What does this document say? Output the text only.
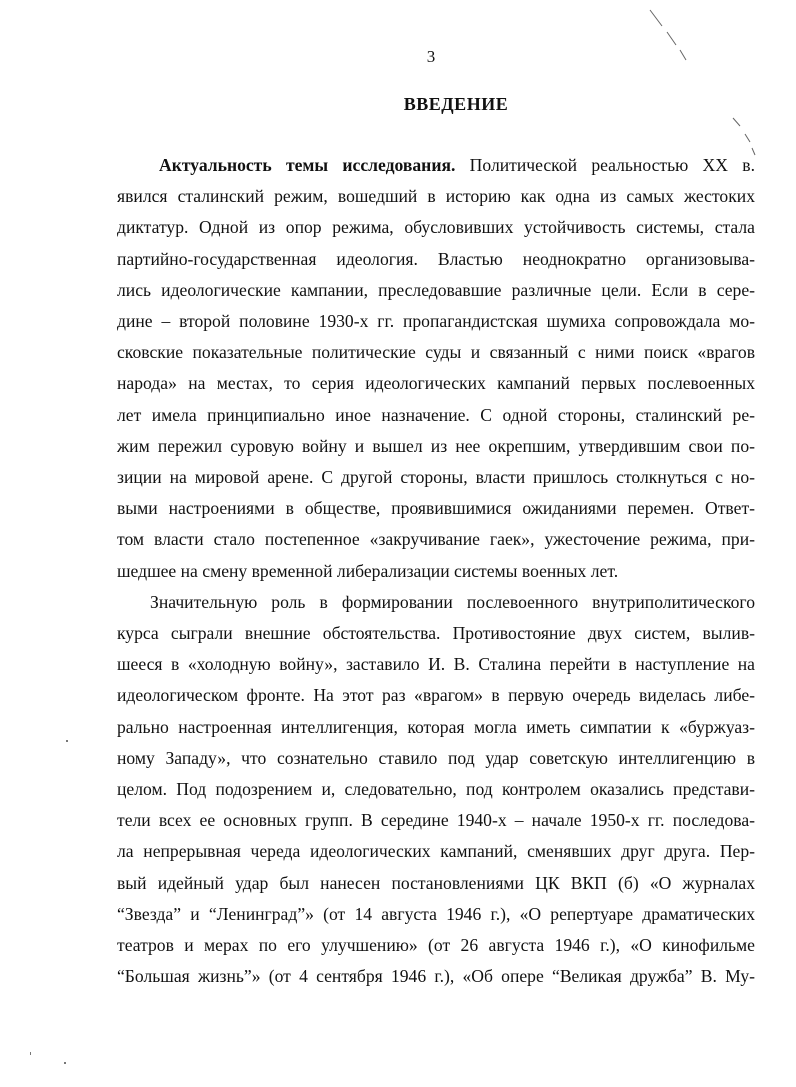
3
ВВЕДЕНИЕ
Актуальность темы исследования. Политической реальностью XX в.
явился сталинский режим, вошедший в историю как одна из самых жестоких
диктатур. Одной из опор режима, обусловивших устойчивость системы, стала
партийно-государственная идеология. Властью неоднократно организовыва-
лись идеологические кампании, преследовавшие различные цели. Если в сере-
дине – второй половине 1930-х гг. пропагандистская шумиха сопровождала мо-
сковские показательные политические суды и связанный с ними поиск «врагов
народа» на местах, то серия идеологических кампаний первых послевоенных
лет имела принципиально иное назначение. С одной стороны, сталинский ре-
жим пережил суровую войну и вышел из нее окрепшим, утвердившим свои по-
зиции на мировой арене. С другой стороны, власти пришлось столкнуться с но-
выми настроениями в обществе, проявившимися ожиданиями перемен. Ответ-
том власти стало постепенное «закручивание гаек», ужесточение режима, при-
шедшее на смену временной либерализации системы военных лет.
Значительную роль в формировании послевоенного внутриполитического
курса сыграли внешние обстоятельства. Противостояние двух систем, вылив-
шееся в «холодную войну», заставило И. В. Сталина перейти в наступление на
идеологическом фронте. На этот раз «врагом» в первую очередь виделась либе-
рально настроенная интеллигенция, которая могла иметь симпатии к «буржуаз-
ному Западу», что сознательно ставило под удар советскую интеллигенцию в
целом. Под подозрением и, следовательно, под контролем оказались представи-
тели всех ее основных групп. В середине 1940-х – начале 1950-х гг. последова-
ла непрерывная череда идеологических кампаний, сменявших друг друга. Пер-
вый идейный удар был нанесен постановлениями ЦК ВКП (б) «О журналах
“Звезда” и “Ленинград”» (от 14 августа 1946 г.), «О репертуаре драматических
театров и мерах по его улучшению» (от 26 августа 1946 г.), «О кинофильме
“Большая жизнь”» (от 4 сентября 1946 г.), «Об опере “Великая дружба” В. Му-
